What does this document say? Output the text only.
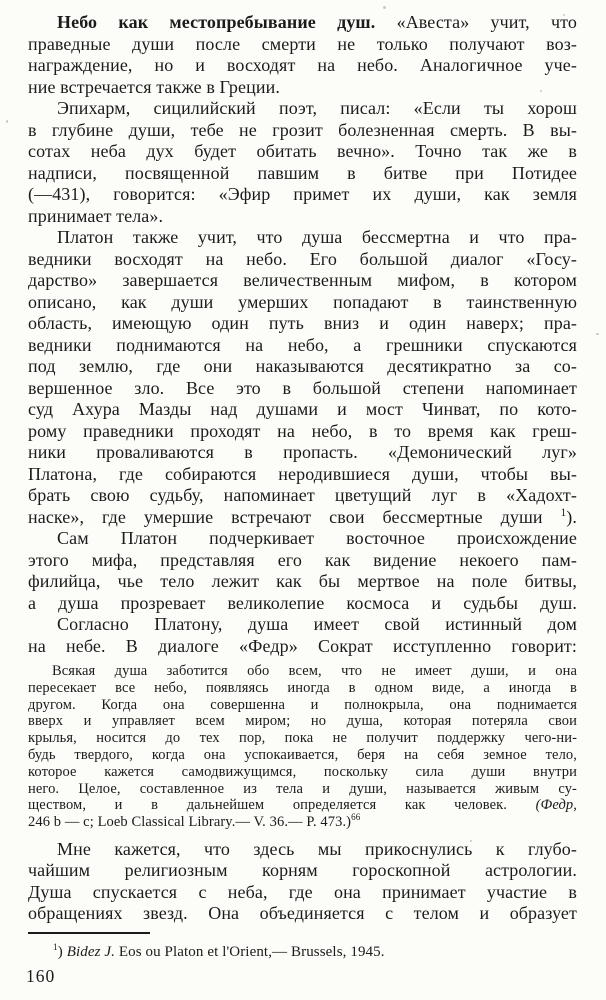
Небо как местопребывание душ. «Авеста» учит, что
праведные души после смерти не только получают воз-
награждение, но и восходят на небо. Аналогичное уче-
ние встречается также в Греции.
Эпихарм, сицилийский поэт, писал: «Если ты хорош
в глубине души, тебе не грозит болезненная смерть. В вы-
сотах неба дух будет обитать вечно». Точно так же в
надписи, посвященной павшим в битве при Потидее
(—431), говорится: «Эфир примет их души, как земля
принимает тела».
Платон также учит, что душа бессмертна и что пра-
ведники восходят на небо. Его большой диалог «Госу-
дарство» завершается величественным мифом, в котором
описано, как души умерших попадают в таинственную
область, имеющую один путь вниз и один наверх; пра-
ведники поднимаются на небо, а грешники спускаются
под землю, где они наказываются десятикратно за со-
вершенное зло. Все это в большой степени напоминает
суд Ахура Мазды над душами и мост Чинват, по кото-
рому праведники проходят на небо, в то время как греш-
ники проваливаются в пропасть. «Демонический луг»
Платона, где собираются неродившиеся души, чтобы вы-
брать свою судьбу, напоминает цветущий луг в «Хадохт-
наске», где умершие встречают свои бессмертные души $^1$).
Сам Платон подчеркивает восточное происхождение
этого мифа, представляя его как видение некоего пам-
филийца, чье тело лежит как бы мертвое на поле битвы,
а душа прозревает великолепие космоса и судьбы душ.
Согласно Платону, душа имеет свой истинный дом
на небе. В диалоге «Федр» Сократ исступленно говорит:
Всякая душа заботится обо всем, что не имеет души, и она
пересекает все небо, появляясь иногда в одном виде, а иногда в
другом. Когда она совершенна и полнокрыла, она поднимается
вверх и управляет всем миром; но душа, которая потеряла свои
крылья, носится до тех пор, пока не получит поддержку чего-ни-
будь твердого, когда она успокаивается, беря на себя земное тело,
которое кажется самодвижущимся, поскольку сила души внутри
него. Целое, составленное из тела и души, называется живым су-
ществом, и в дальнейшем определяется как человек. (Федр,
246 b — c; Loeb Classical Library.— V. 36.— P. 473.)$^{66}$
Мне кажется, что здесь мы прикоснулись к глубо-
чайшим религиозным корням гороскопной астрологии.
Душа спускается с неба, где она принимает участие в
обращениях звезд. Она объединяется с телом и образует
$^1$) Bidez J. Eos ou Platon et l'Orient,— Brussels, 1945.
160
